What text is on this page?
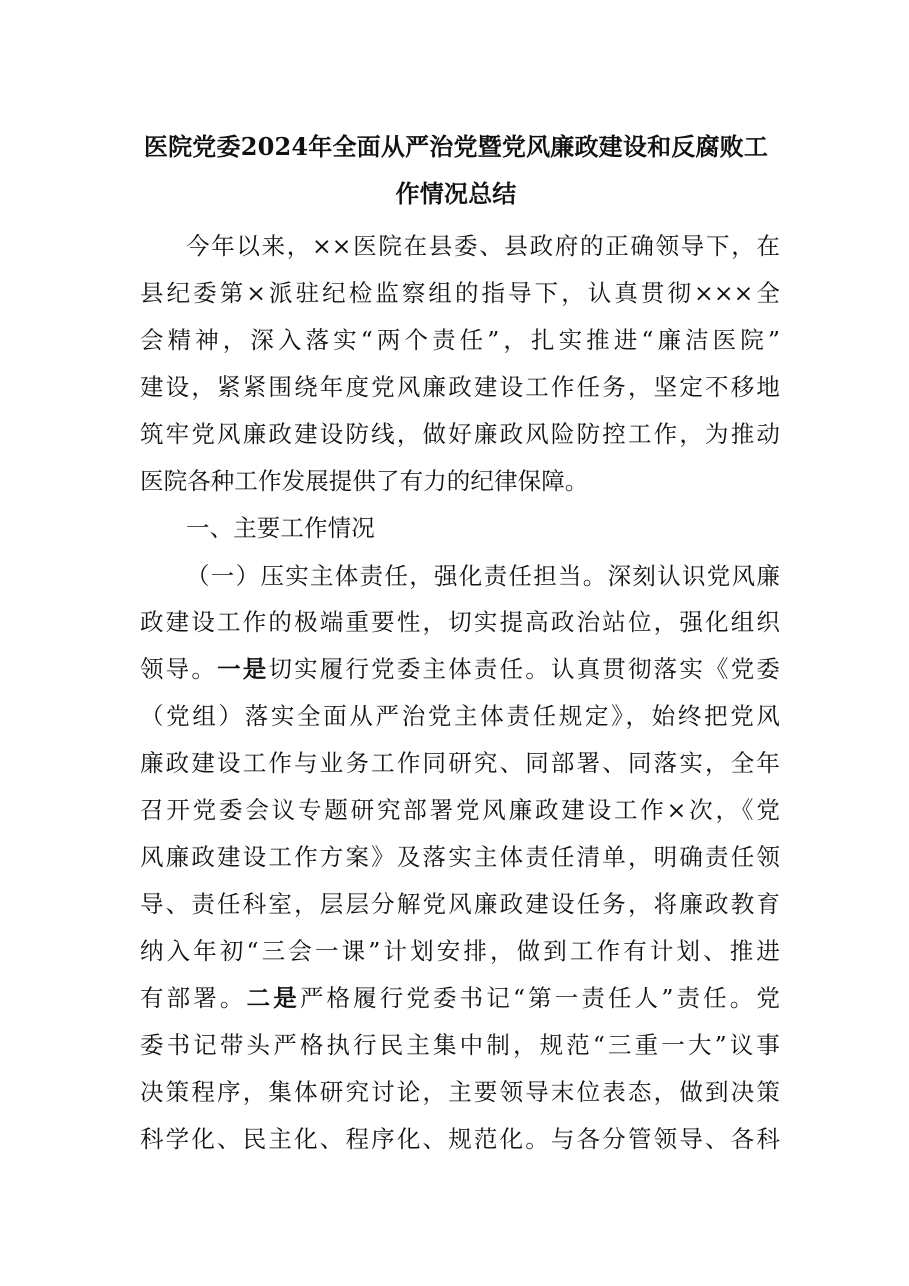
医院党委2024年全面从严治党暨党风廉政建设和反腐败工
作情况总结
今年以来，××医院在县委、县政府的正确领导下，在
县纪委第×派驻纪检监察组的指导下，认真贯彻×××全
会精神，深入落实“两个责任”，扎实推进“廉洁医院”
建设，紧紧围绕年度党风廉政建设工作任务，坚定不移地
筑牢党风廉政建设防线，做好廉政风险防控工作，为推动
医院各种工作发展提供了有力的纪律保障。
一、主要工作情况
（一）压实主体责任，强化责任担当。深刻认识党风廉
政建设工作的极端重要性，切实提高政治站位，强化组织
领导。一是切实履行党委主体责任。认真贯彻落实《党委
（党组）落实全面从严治党主体责任规定》，始终把党风
廉政建设工作与业务工作同研究、同部署、同落实，全年
召开党委会议专题研究部署党风廉政建设工作×次，《党
风廉政建设工作方案》及落实主体责任清单，明确责任领
导、责任科室，层层分解党风廉政建设任务，将廉政教育
纳入年初“三会一课”计划安排，做到工作有计划、推进
有部署。二是严格履行党委书记“第一责任人”责任。党
委书记带头严格执行民主集中制，规范“三重一大”议事
决策程序，集体研究讨论，主要领导末位表态，做到决策
科学化、民主化、程序化、规范化。与各分管领导、各科
